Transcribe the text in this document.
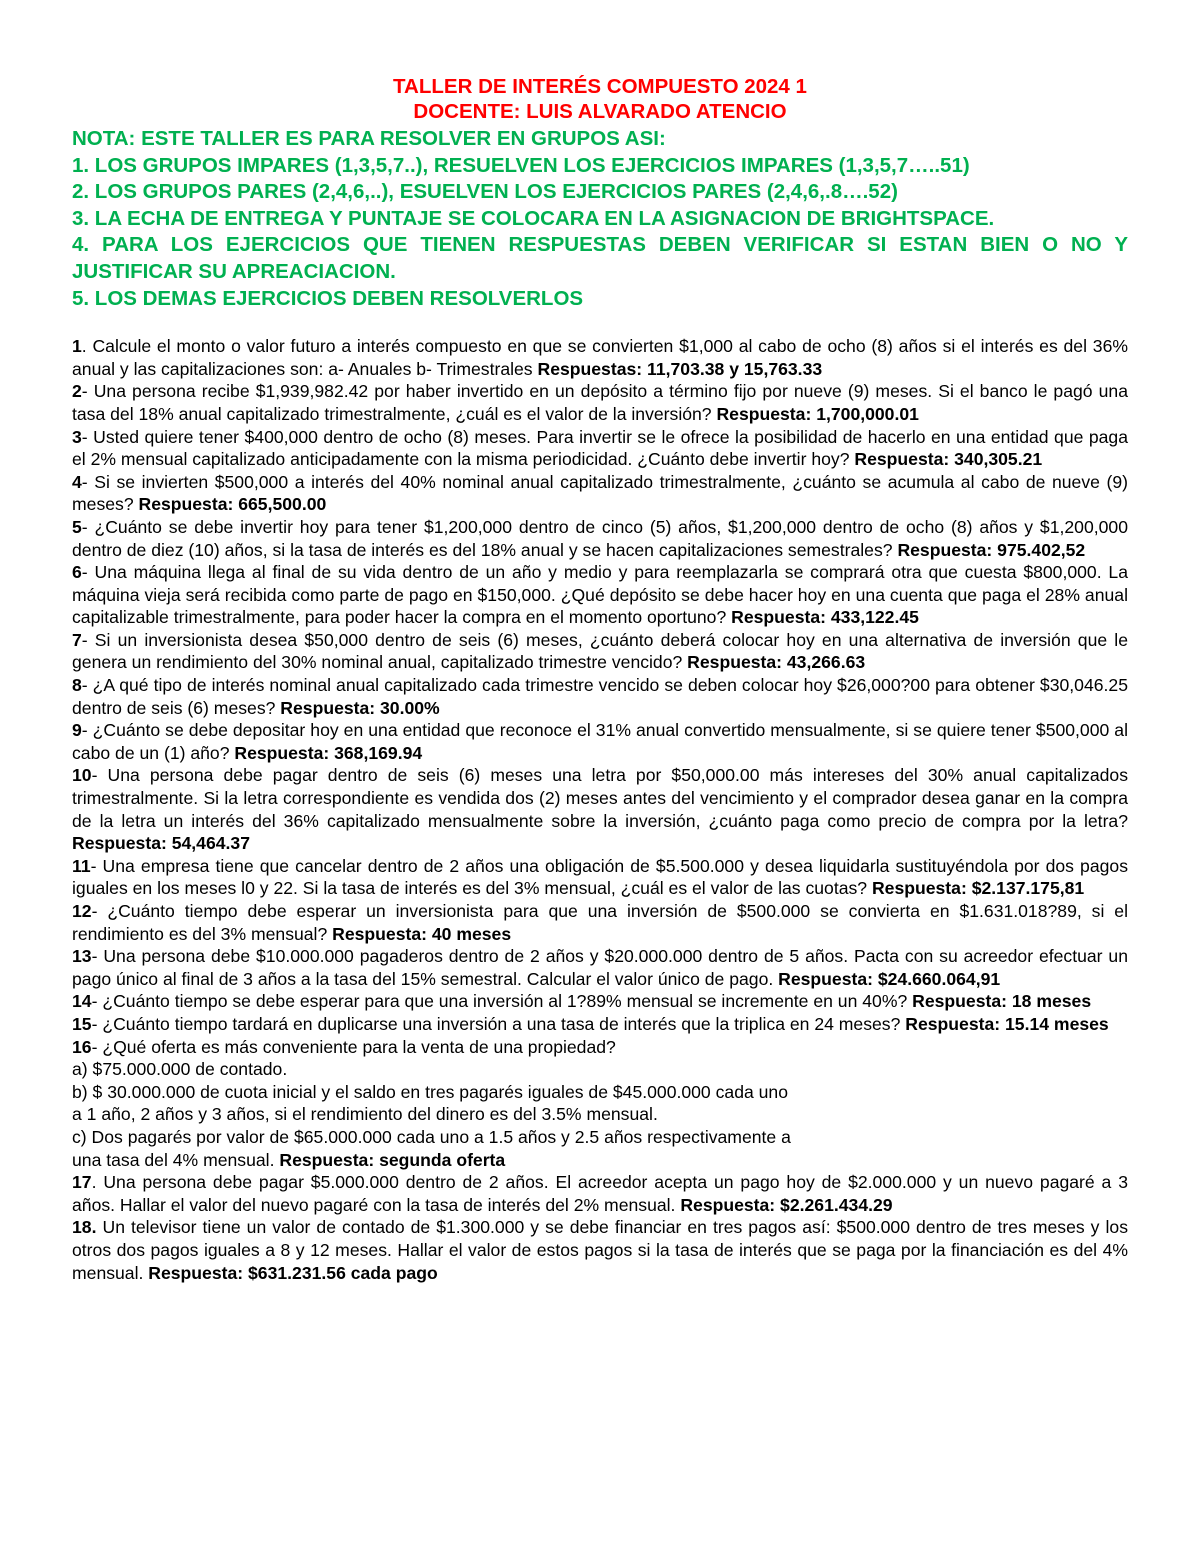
TALLER DE INTERÉS COMPUESTO 2024 1
DOCENTE: LUIS ALVARADO ATENCIO
NOTA: ESTE TALLER ES PARA RESOLVER EN GRUPOS ASI:
1. LOS GRUPOS IMPARES (1,3,5,7..), RESUELVEN LOS EJERCICIOS IMPARES (1,3,5,7…..51)
2. LOS GRUPOS PARES (2,4,6,..), ESUELVEN LOS EJERCICIOS PARES (2,4,6,.8….52)
3. LA ECHA DE ENTREGA Y PUNTAJE SE COLOCARA EN LA ASIGNACION DE BRIGHTSPACE.
4. PARA LOS EJERCICIOS QUE TIENEN RESPUESTAS DEBEN VERIFICAR SI ESTAN BIEN O NO Y JUSTIFICAR SU APREACIACION.
5. LOS DEMAS EJERCICIOS DEBEN RESOLVERLOS
1. Calcule el monto o valor futuro a interés compuesto en que se convierten $1,000 al cabo de ocho (8) años si el interés es del 36% anual y las capitalizaciones son: a- Anuales b- Trimestrales Respuestas: 11,703.38 y 15,763.33
2- Una persona recibe $1,939,982.42 por haber invertido en un depósito a término fijo por nueve (9) meses. Si el banco le pagó una tasa del 18% anual capitalizado trimestralmente, ¿cuál es el valor de la inversión? Respuesta: 1,700,000.01
3- Usted quiere tener $400,000 dentro de ocho (8) meses. Para invertir se le ofrece la posibilidad de hacerlo en una entidad que paga el 2% mensual capitalizado anticipadamente con la misma periodicidad. ¿Cuánto debe invertir hoy? Respuesta: 340,305.21
4- Si se invierten $500,000 a interés del 40% nominal anual capitalizado trimestralmente, ¿cuánto se acumula al cabo de nueve (9) meses? Respuesta: 665,500.00
5- ¿Cuánto se debe invertir hoy para tener $1,200,000 dentro de cinco (5) años, $1,200,000 dentro de ocho (8) años y $1,200,000 dentro de diez (10) años, si la tasa de interés es del 18% anual y se hacen capitalizaciones semestrales? Respuesta: 975.402,52
6- Una máquina llega al final de su vida dentro de un año y medio y para reemplazarla se comprará otra que cuesta $800,000. La máquina vieja será recibida como parte de pago en $150,000. ¿Qué depósito se debe hacer hoy en una cuenta que paga el 28% anual capitalizable trimestralmente, para poder hacer la compra en el momento oportuno? Respuesta: 433,122.45
7- Si un inversionista desea $50,000 dentro de seis (6) meses, ¿cuánto deberá colocar hoy en una alternativa de inversión que le genera un rendimiento del 30% nominal anual, capitalizado trimestre vencido? Respuesta: 43,266.63
8- ¿A qué tipo de interés nominal anual capitalizado cada trimestre vencido se deben colocar hoy $26,000?00 para obtener $30,046.25 dentro de seis (6) meses? Respuesta: 30.00%
9- ¿Cuánto se debe depositar hoy en una entidad que reconoce el 31% anual convertido mensualmente, si se quiere tener $500,000 al cabo de un (1) año? Respuesta: 368,169.94
10- Una persona debe pagar dentro de seis (6) meses una letra por $50,000.00 más intereses del 30% anual capitalizados trimestralmente. Si la letra correspondiente es vendida dos (2) meses antes del vencimiento y el comprador desea ganar en la compra de la letra un interés del 36% capitalizado mensualmente sobre la inversión, ¿cuánto paga como precio de compra por la letra? Respuesta: 54,464.37
11- Una empresa tiene que cancelar dentro de 2 años una obligación de $5.500.000 y desea liquidarla sustituyéndola por dos pagos iguales en los meses l0 y 22. Si la tasa de interés es del 3% mensual, ¿cuál es el valor de las cuotas? Respuesta: $2.137.175,81
12- ¿Cuánto tiempo debe esperar un inversionista para que una inversión de $500.000 se convierta en $1.631.018?89, si el rendimiento es del 3% mensual? Respuesta: 40 meses
13- Una persona debe $10.000.000 pagaderos dentro de 2 años y $20.000.000 dentro de 5 años. Pacta con su acreedor efectuar un pago único al final de 3 años a la tasa del 15% semestral. Calcular el valor único de pago. Respuesta: $24.660.064,91
14- ¿Cuánto tiempo se debe esperar para que una inversión al 1?89% mensual se incremente en un 40%? Respuesta: 18 meses
15- ¿Cuánto tiempo tardará en duplicarse una inversión a una tasa de interés que la triplica en 24 meses? Respuesta: 15.14 meses
16- ¿Qué oferta es más conveniente para la venta de una propiedad?
a) $75.000.000 de contado.
b) $ 30.000.000 de cuota inicial y el saldo en tres pagarés iguales de $45.000.000 cada uno
a 1 año, 2 años y 3 años, si el rendimiento del dinero es del 3.5% mensual.
c) Dos pagarés por valor de $65.000.000 cada uno a 1.5 años y 2.5 años respectivamente a
una tasa del 4% mensual. Respuesta: segunda oferta
17. Una persona debe pagar $5.000.000 dentro de 2 años. El acreedor acepta un pago hoy de $2.000.000 y un nuevo pagaré a 3 años. Hallar el valor del nuevo pagaré con la tasa de interés del 2% mensual. Respuesta: $2.261.434.29
18. Un televisor tiene un valor de contado de $1.300.000 y se debe financiar en tres pagos así: $500.000 dentro de tres meses y los otros dos pagos iguales a 8 y 12 meses. Hallar el valor de estos pagos si la tasa de interés que se paga por la financiación es del 4% mensual. Respuesta: $631.231.56 cada pago
